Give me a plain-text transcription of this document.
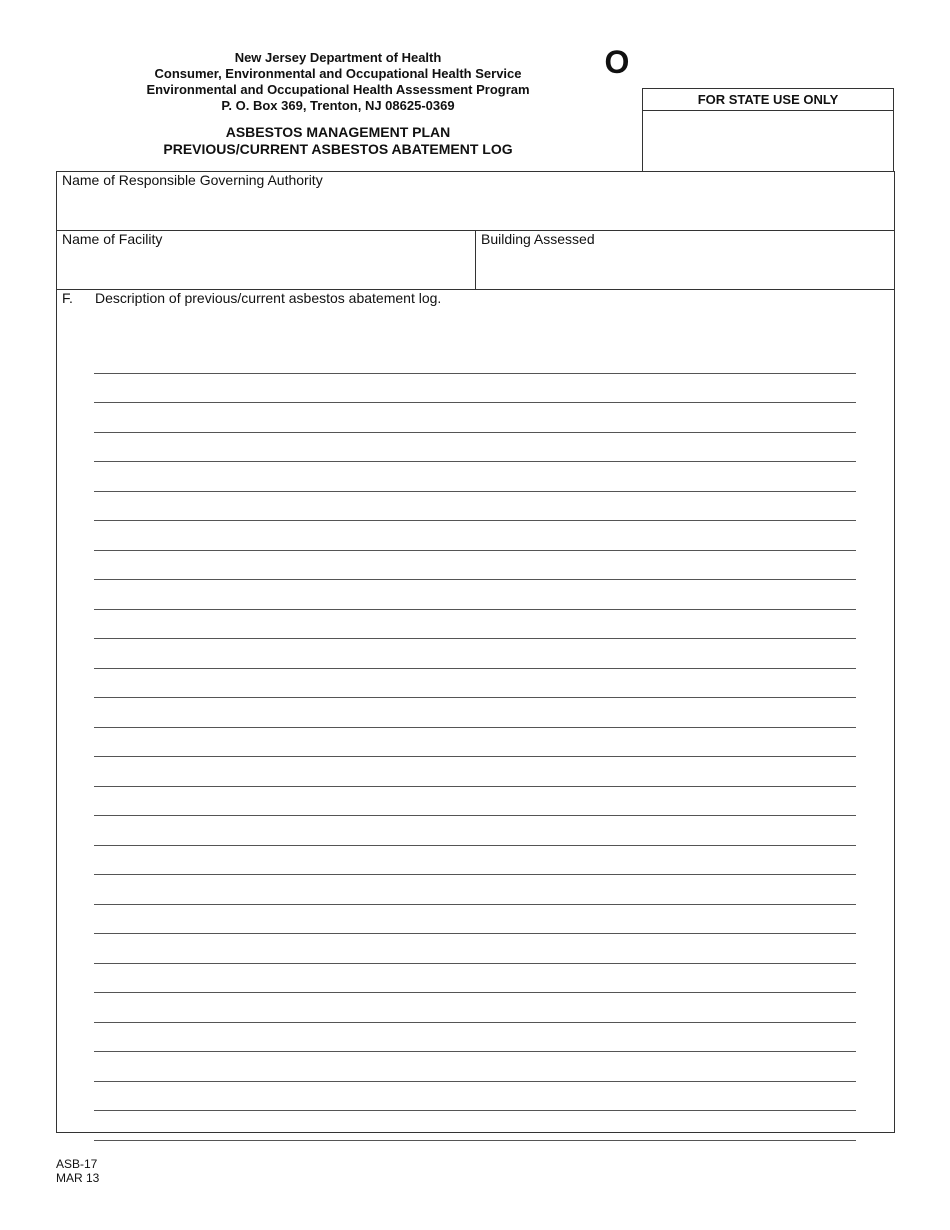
New Jersey Department of Health
Consumer, Environmental and Occupational Health Service
Environmental and Occupational Health Assessment Program
P. O. Box 369, Trenton, NJ 08625-0369
ASBESTOS MANAGEMENT PLAN
PREVIOUS/CURRENT ASBESTOS ABATEMENT LOG
O
FOR STATE USE ONLY
Name of Responsible Governing Authority
Name of Facility	Building Assessed
F. Description of previous/current asbestos abatement log.
ASB-17
MAR 13
